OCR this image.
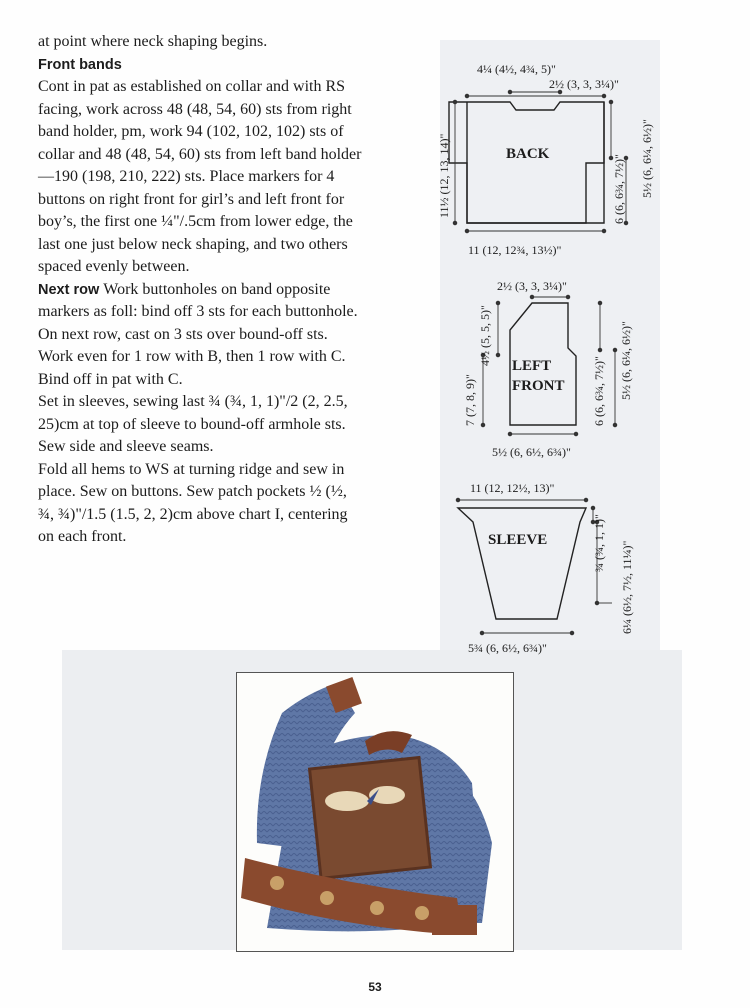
at point where neck shaping begins.

Front bands

Cont in pat as established on collar and with RS facing, work across 48 (48, 54, 60) sts from right band holder, pm, work 94 (102, 102, 102) sts of collar and 48 (48, 54, 60) sts from left band holder—190 (198, 210, 222) sts. Place markers for 4 buttons on right front for girl’s and left front for boy’s, the first one ¼"/.5cm from lower edge, the last one just below neck shaping, and two others spaced evenly between.

Next row Work buttonholes on band opposite markers as foll: bind off 3 sts for each buttonhole. On next row, cast on 3 sts over bound-off sts. Work even for 1 row with B, then 1 row with C. Bind off in pat with C.

Set in sleeves, sewing last ¾ (¾, 1, 1)"/2 (2, 2.5, 25)cm at top of sleeve to bound-off armhole sts. Sew side and sleeve seams.

Fold all hems to WS at turning ridge and sew in place. Sew on buttons. Sew patch pockets ½ (½, ¾, ¾)"/1.5 (1.5, 2, 2)cm above chart I, centering on each front.

BACK
LEFT
FRONT
SLEEVE
4¼ (4½, 4¾, 5)"
2½ (3, 3, 3¼)"
11½ (12, 13, 14)"	6 (6, 6¾, 7½)" 5½ (6, 6¼, 6½)"
11 (12, 12¾, 13½)"
2½ (3, 3, 3¼)"
4½ (5, 5, 5)"
7 (7, 8, 9)"	6 (6, 6¾, 7½)" 5½ (6, 6¼, 6½)"
5½ (6, 6½, 6¾)"
11 (12, 12½, 13)"
¾ (¾, 1, 1)" 6¼ (6½, 7½, 11¼)"
5¾ (6, 6½, 6¾)"
53
